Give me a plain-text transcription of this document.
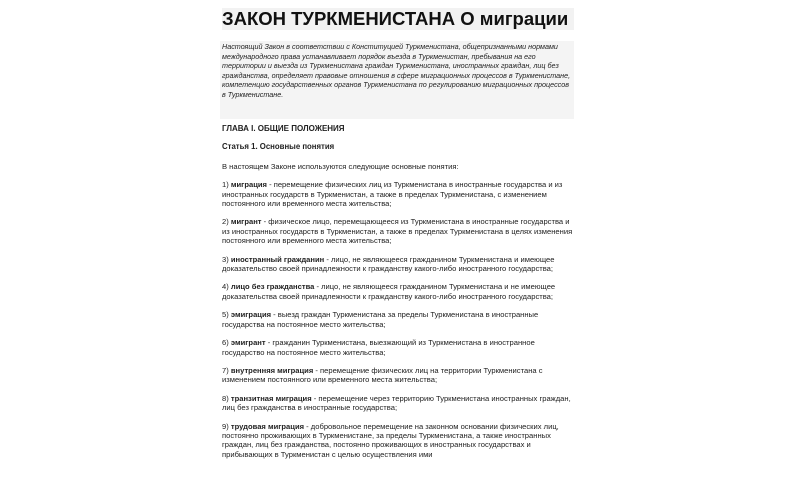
ЗАКОН ТУРКМЕНИСТАНА О миграции

Настоящий Закон в соответствии с Конституцией Туркменистана, общепризнанными нормами международного права устанавливает порядок въезда в Туркменистан, пребывания на его территории и выезда из Туркменистана граждан Туркменистана, иностранных граждан, лиц без гражданства, определяет правовые отношения в сфере миграционных процессов в Туркменистане, компетенцию государственных органов Туркменистана по регулированию миграционных процессов в Туркменистане.

ГЛАВА I. ОБЩИЕ ПОЛОЖЕНИЯ

Статья 1. Основные понятия

В настоящем Законе используются следующие основные понятия:

1) миграция - перемещение физических лиц из Туркменистана в иностранные государства и из иностранных государств в Туркменистан, а также в пределах Туркменистана, с изменением постоянного или временного места жительства;

2) мигрант - физическое лицо, перемещающееся из Туркменистана в иностранные государства и из иностранных государств в Туркменистан, а также в пределах Туркменистана в целях изменения постоянного или временного места жительства;

3) иностранный гражданин - лицо, не являющееся гражданином Туркменистана и имеющее доказательство своей принадлежности к гражданству какого-либо иностранного государства;

4) лицо без гражданства - лицо, не являющееся гражданином Туркменистана и не имеющее доказательства своей принадлежности к гражданству какого-либо иностранного государства;

5) эмиграция - выезд граждан Туркменистана за пределы Туркменистана в иностранные государства на постоянное место жительства;

6) эмигрант - гражданин Туркменистана, выезжающий из Туркменистана в иностранное государство на постоянное место жительства;

7) внутренняя миграция - перемещение физических лиц на территории Туркменистана с изменением постоянного или временного места жительства;

8) транзитная миграция - перемещение через территорию Туркменистана иностранных граждан, лиц без гражданства в иностранные государства;

9) трудовая миграция - добровольное перемещение на законном основании физических лиц, постоянно проживающих в Туркменистане, за пределы Туркменистана, а также иностранных граждан, лиц без гражданства, постоянно проживающих в иностранных государствах и прибывающих в Туркменистан с целью осуществления ими
